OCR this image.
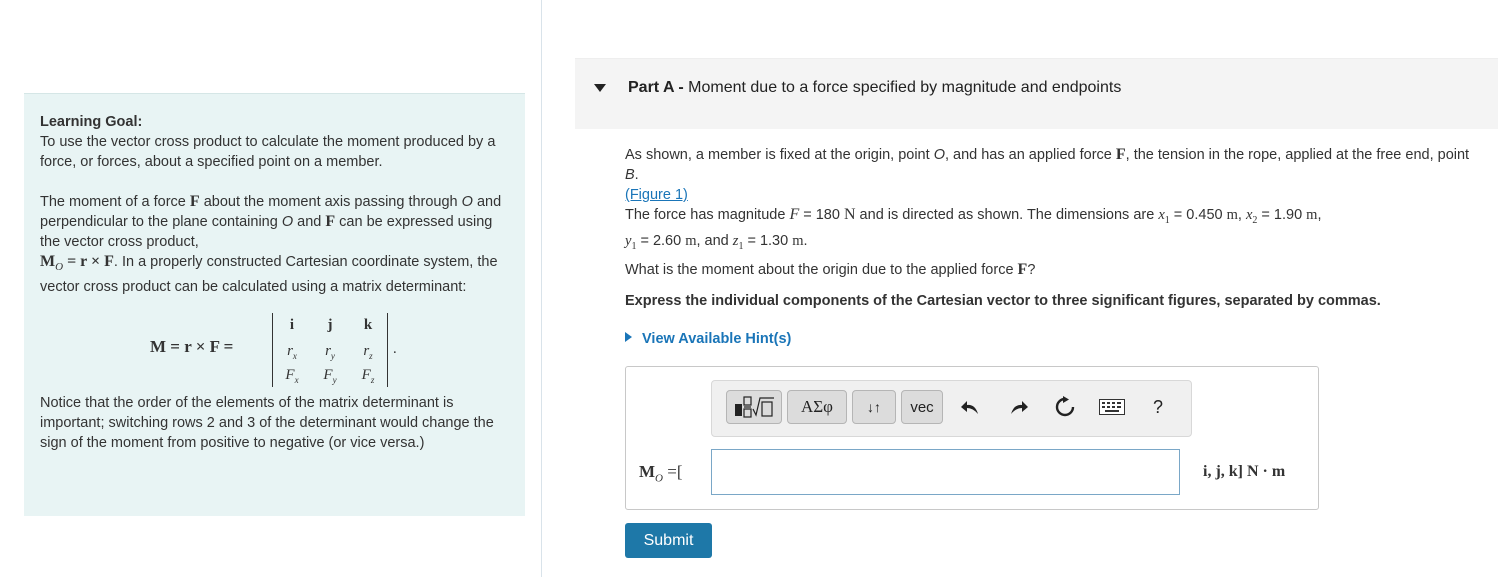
Learning Goal:

To use the vector cross product to calculate the moment produced by a force, or forces, about a specified point on a member.

The moment of a force F about the moment axis passing through O and perpendicular to the plane containing O and F can be expressed using the vector cross product,
$M_O = r \times F$. In a properly constructed Cartesian coordinate system, the vector cross product can be calculated using a matrix determinant:

M = r × F =
i	j	k
$r_x$	$r_y$	$r_z$
$F_x$	$F_y$	$F_z$
.

Notice that the order of the elements of the matrix determinant is important; switching rows 2 and 3 of the determinant would change the sign of the moment from positive to negative (or vice versa.)

Part A - Moment due to a force specified by magnitude and endpoints
As shown, a member is fixed at the origin, point O, and has an applied force F, the tension in the rope, applied at the free end, point B.
(Figure 1)
The force has magnitude F = 180 N and is directed as shown. The dimensions are $x_1 = 0.450$ m, $x_2 = 1.90$ m,
$y_1 = 2.60$ m, and $z_1 = 1.30$ m.
What is the moment about the origin due to the applied force F?
Express the individual components of the Cartesian vector to three significant figures, separated by commas.
View Available Hint(s)
ΑΣφ	↓↑	vec	?
$M_O$ =[	i, j, k] N · m
Submit
